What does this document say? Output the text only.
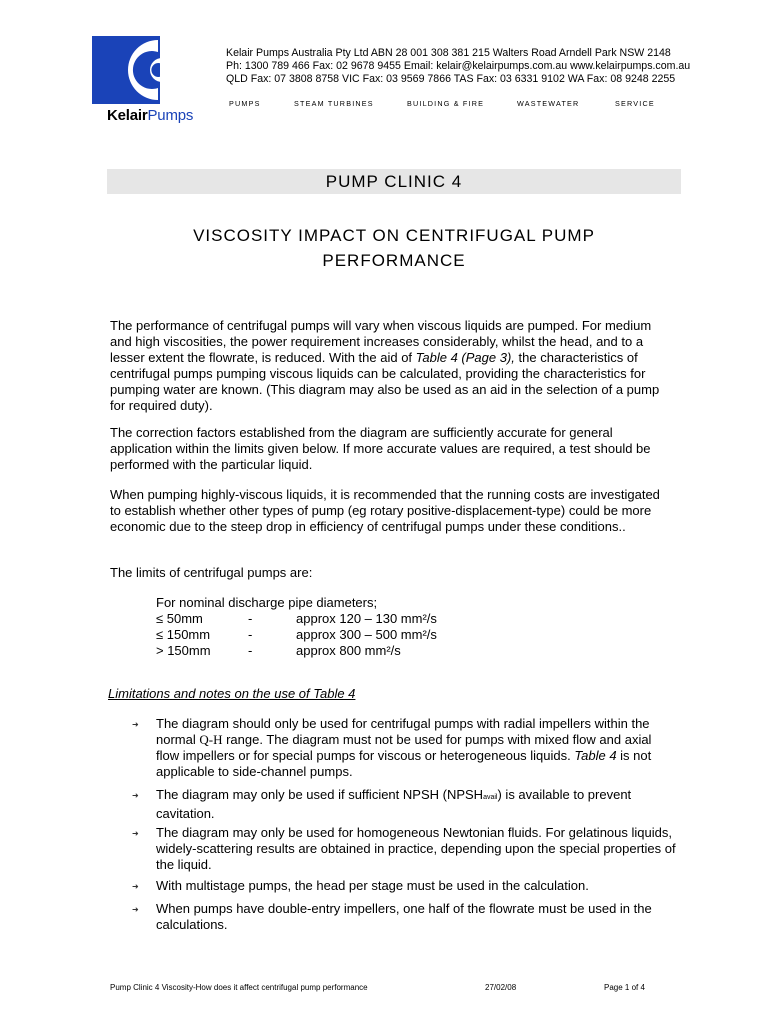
KelairPumps
Kelair Pumps Australia Pty Ltd ABN 28 001 308 381 215 Walters Road Arndell Park NSW 2148
Ph: 1300 789 466 Fax: 02 9678 9455 Email: kelair@kelairpumps.com.au www.kelairpumps.com.au
QLD Fax: 07 3808 8758 VIC Fax: 03 9569 7866 TAS Fax: 03 6331 9102 WA Fax: 08 9248 2255
PUMPS	STEAM TURBINES	BUILDING & FIRE	WASTEWATER	SERVICE
PUMP CLINIC 4
VISCOSITY IMPACT ON CENTRIFUGAL PUMP
PERFORMANCE

The performance of centrifugal pumps will vary when viscous liquids are pumped. For medium and high viscosities, the power requirement increases considerably, whilst the head, and to a lesser extent the flowrate, is reduced. With the aid of Table 4 (Page 3), the characteristics of centrifugal pumps pumping viscous liquids can be calculated, providing the characteristics for pumping water are known. (This diagram may also be used as an aid in the selection of a pump for required duty).

The correction factors established from the diagram are sufficiently accurate for general application within the limits given below. If more accurate values are required, a test should be performed with the particular liquid.
When pumping highly-viscous liquids, it is recommended that the running costs are investigated to establish whether other types of pump (eg rotary positive-displacement-type) could be more economic due to the steep drop in efficiency of centrifugal pumps under these conditions..
The limits of centrifugal pumps are:
For nominal discharge pipe diameters;
≤ 50mm	-	approx 120 – 130 mm²/s
≤ 150mm	-	approx 300 – 500 mm²/s
> 150mm	-	approx 800 mm²/s
Limitations and notes on the use of Table 4
➜ The diagram should only be used for centrifugal pumps with radial impellers within the normal Q-H range. The diagram must not be used for pumps with mixed flow and axial flow impellers or for special pumps for viscous or heterogeneous liquids. Table 4 is not applicable to side-channel pumps.
➜ The diagram may only be used if sufficient NPSH (NPSHavail) is available to prevent cavitation.
➜ The diagram may only be used for homogeneous Newtonian fluids. For gelatinous liquids, widely-scattering results are obtained in practice, depending upon the special properties of the liquid.
➜ With multistage pumps, the head per stage must be used in the calculation.
➜ When pumps have double-entry impellers, one half of the flowrate must be used in the calculations.
Pump Clinic 4 Viscosity-How does it affect centrifugal pump performance	27/02/08	Page 1 of 4
